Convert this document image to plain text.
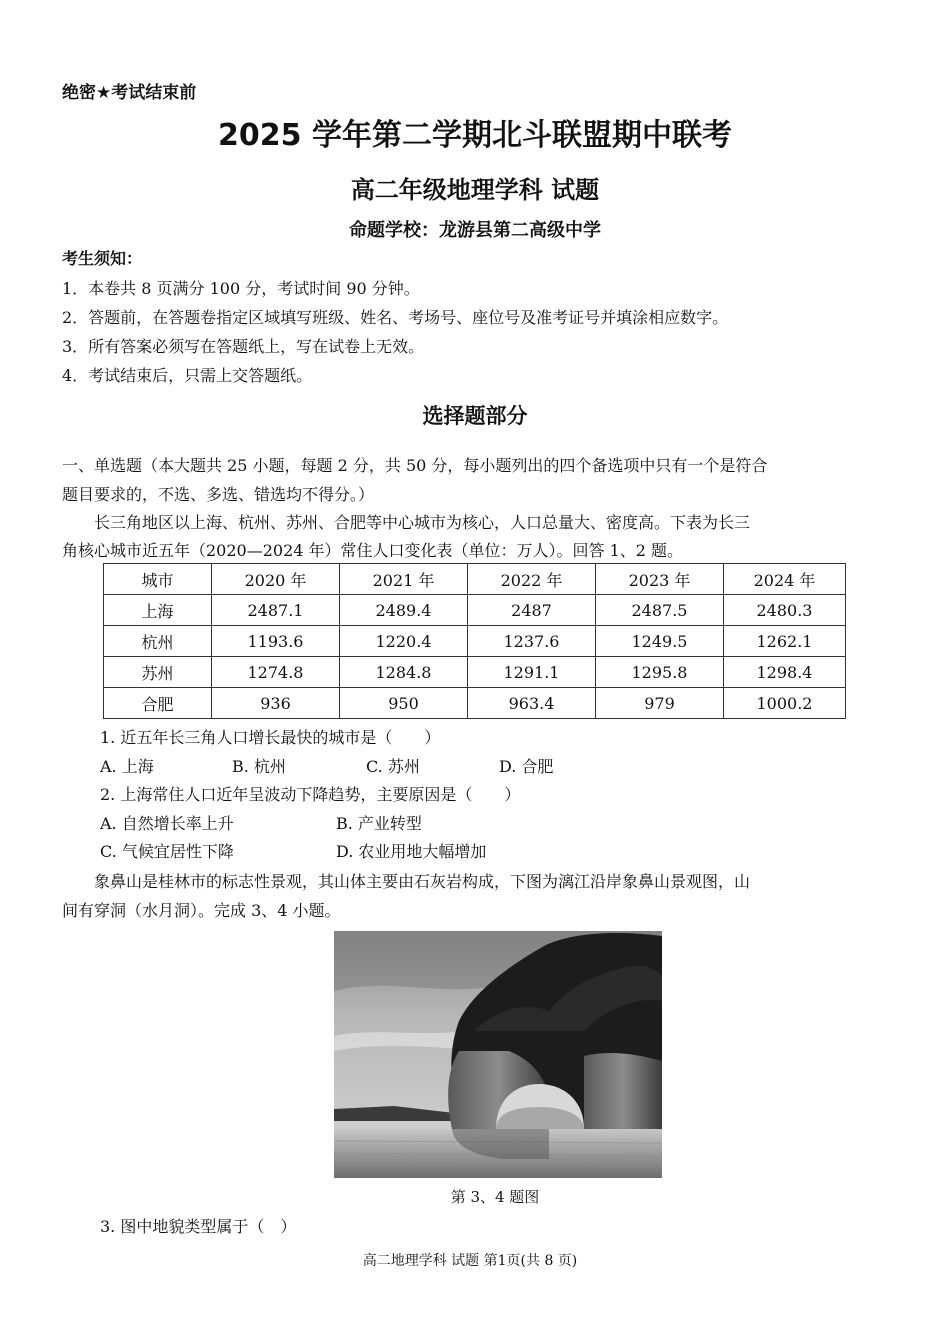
绝密★考试结束前
2025 学年第二学期北斗联盟期中联考
高二年级地理学科 试题
命题学校：龙游县第二高级中学
考生须知：
1．本卷共 8 页满分 100 分，考试时间 90 分钟。
2．答题前，在答题卷指定区域填写班级、姓名、考场号、座位号及准考证号并填涂相应数字。
3．所有答案必须写在答题纸上，写在试卷上无效。
4．考试结束后，只需上交答题纸。
选择题部分
一、单选题（本大题共 25 小题，每题 2 分，共 50 分，每小题列出的四个备选项中只有一个是符合
题目要求的，不选、多选、错选均不得分。）
长三角地区以上海、杭州、苏州、合肥等中心城市为核心，人口总量大、密度高。下表为长三
角核心城市近五年（2020—2024 年）常住人口变化表（单位：万人）。回答 1、2 题。
城市	2020 年	2021 年	2022 年	2023 年	2024 年
上海	2487.1	2489.4	2487	2487.5	2480.3
杭州	1193.6	1220.4	1237.6	1249.5	1262.1
苏州	1274.8	1284.8	1291.1	1295.8	1298.4
合肥	936	950	963.4	979	1000.2
1. 近五年长三角人口增长最快的城市是（　　）
A. 上海	B. 杭州	C. 苏州	D. 合肥
2. 上海常住人口近年呈波动下降趋势，主要原因是（　　）
A. 自然增长率上升	B. 产业转型
C. 气候宜居性下降	D. 农业用地大幅增加
象鼻山是桂林市的标志性景观，其山体主要由石灰岩构成，下图为漓江沿岸象鼻山景观图，山
间有穿洞（水月洞）。完成 3、4 小题。
第 3、4 题图
3. 图中地貌类型属于（　）
高二地理学科 试题 第1页(共 8 页)
